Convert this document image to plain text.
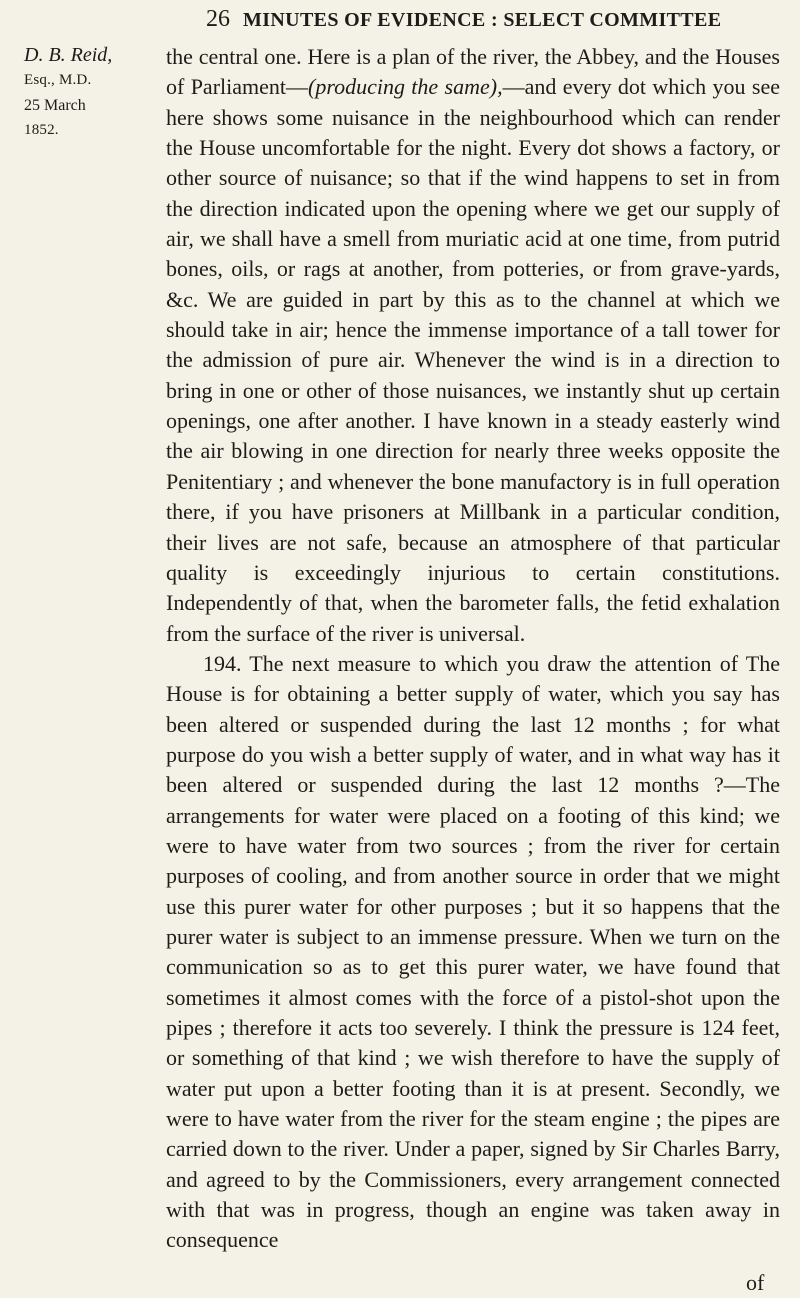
26 MINUTES OF EVIDENCE : SELECT COMMITTEE
D. B. Reid,
Esq., M.D.
25 March
1852.

the central one. Here is a plan of the river, the Abbey, and the Houses of Parliament—(producing the same),—and every dot which you see here shows some nuisance in the neighbourhood which can render the House uncomfortable for the night. Every dot shows a factory, or other source of nuisance; so that if the wind happens to set in from the direction indicated upon the opening where we get our supply of air, we shall have a smell from muriatic acid at one time, from putrid bones, oils, or rags at another, from potteries, or from grave-yards, &c. We are guided in part by this as to the channel at which we should take in air; hence the immense importance of a tall tower for the admission of pure air. Whenever the wind is in a direction to bring in one or other of those nuisances, we instantly shut up certain openings, one after another. I have known in a steady easterly wind the air blowing in one direction for nearly three weeks opposite the Penitentiary ; and whenever the bone manufactory is in full operation there, if you have prisoners at Millbank in a particular condition, their lives are not safe, because an atmosphere of that particular quality is exceedingly injurious to certain constitutions. Independently of that, when the barometer falls, the fetid exhalation from the surface of the river is universal.

194. The next measure to which you draw the attention of The House is for obtaining a better supply of water, which you say has been altered or suspended during the last 12 months ; for what purpose do you wish a better supply of water, and in what way has it been altered or suspended during the last 12 months ?—The arrangements for water were placed on a footing of this kind; we were to have water from two sources ; from the river for certain purposes of cooling, and from another source in order that we might use this purer water for other purposes ; but it so happens that the purer water is subject to an immense pressure. When we turn on the communication so as to get this purer water, we have found that sometimes it almost comes with the force of a pistol-shot upon the pipes ; therefore it acts too severely. I think the pressure is 124 feet, or something of that kind ; we wish therefore to have the supply of water put upon a better footing than it is at present. Secondly, we were to have water from the river for the steam engine ; the pipes are carried down to the river. Under a paper, signed by Sir Charles Barry, and agreed to by the Commissioners, every arrangement connected with that was in progress, though an engine was taken away in consequence

of
